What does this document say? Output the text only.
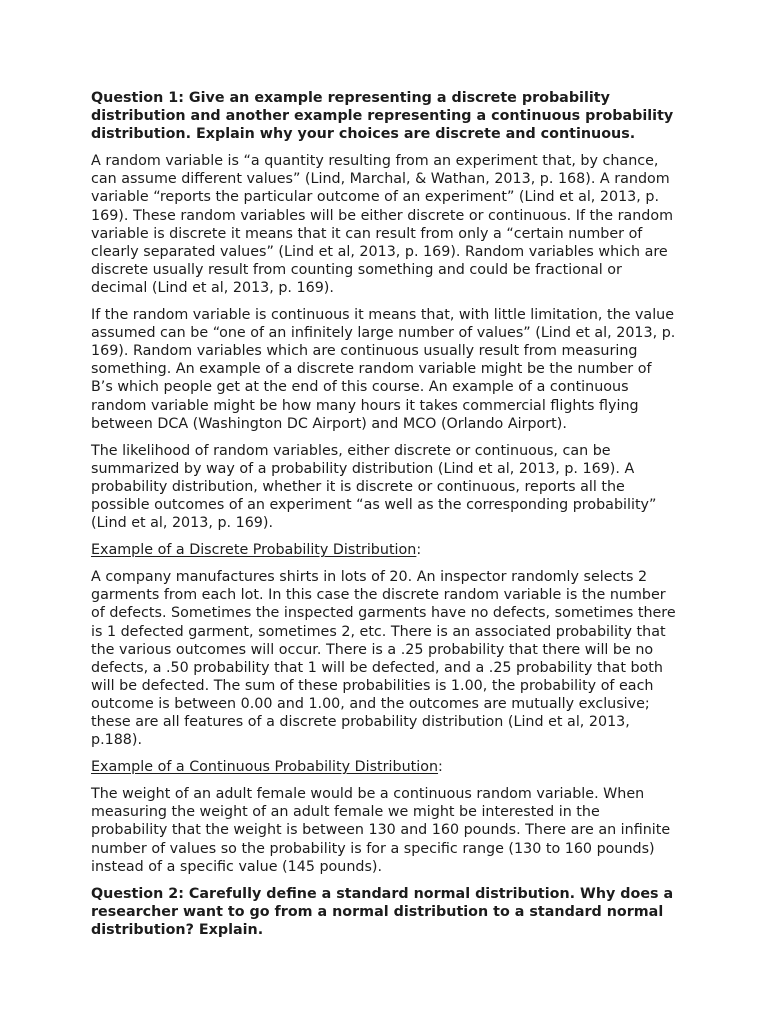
Question 1: Give an example representing a discrete probability distribution and another example representing a continuous probability distribution. Explain why your choices are discrete and continuous.
A random variable is “a quantity resulting from an experiment that, by chance, can assume different values” (Lind, Marchal, & Wathan, 2013, p. 168). A random variable “reports the particular outcome of an experiment” (Lind et al, 2013, p. 169). These random variables will be either discrete or continuous. If the random variable is discrete it means that it can result from only a “certain number of clearly separated values” (Lind et al, 2013, p. 169). Random variables which are discrete usually result from counting something and could be fractional or decimal (Lind et al, 2013, p. 169).
If the random variable is continuous it means that, with little limitation, the value assumed can be “one of an infinitely large number of values” (Lind et al, 2013, p. 169). Random variables which are continuous usually result from measuring something. An example of a discrete random variable might be the number of B’s which people get at the end of this course. An example of a continuous random variable might be how many hours it takes commercial flights flying between DCA (Washington DC Airport) and MCO (Orlando Airport).
The likelihood of random variables, either discrete or continuous, can be summarized by way of a probability distribution (Lind et al, 2013, p. 169). A probability distribution, whether it is discrete or continuous, reports all the possible outcomes of an experiment “as well as the corresponding probability” (Lind et al, 2013, p. 169).
Example of a Discrete Probability Distribution:
A company manufactures shirts in lots of 20. An inspector randomly selects 2 garments from each lot. In this case the discrete random variable is the number of defects. Sometimes the inspected garments have no defects, sometimes there is 1 defected garment, sometimes 2, etc. There is an associated probability that the various outcomes will occur. There is a .25 probability that there will be no defects, a .50 probability that 1 will be defected, and a .25 probability that both will be defected. The sum of these probabilities is 1.00, the probability of each outcome is between 0.00 and 1.00, and the outcomes are mutually exclusive; these are all features of a discrete probability distribution (Lind et al, 2013, p.188).
Example of a Continuous Probability Distribution:
The weight of an adult female would be a continuous random variable. When measuring the weight of an adult female we might be interested in the probability that the weight is between 130 and 160 pounds. There are an infinite number of values so the probability is for a specific range (130 to 160 pounds) instead of a specific value (145 pounds).
Question 2: Carefully define a standard normal distribution. Why does a researcher want to go from a normal distribution to a standard normal distribution? Explain.
